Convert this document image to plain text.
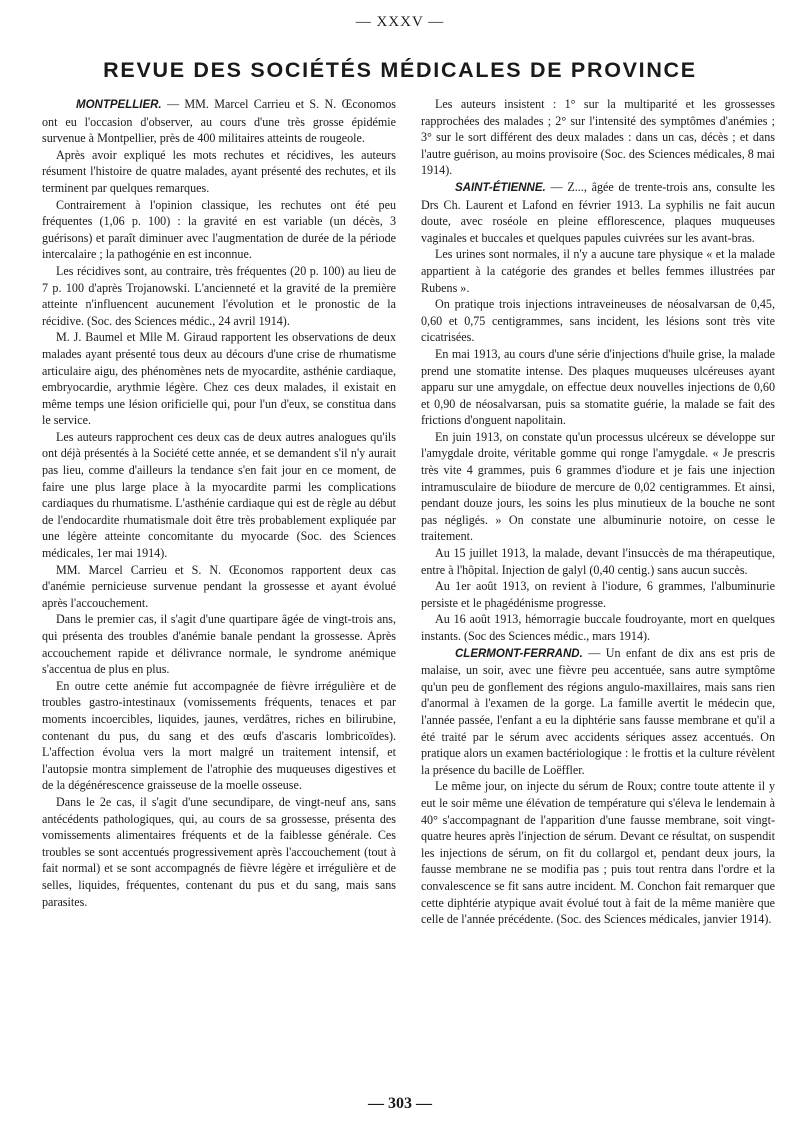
— XXXV —
REVUE DES SOCIÉTÉS MÉDICALES DE PROVINCE

MONTPELLIER. — MM. Marcel Carrieu et S. N. Œconomos ont eu l'occasion d'observer, au cours d'une très grosse épidémie survenue à Montpellier, près de 400 militaires atteints de rougeole.

Après avoir expliqué les mots rechutes et récidives, les auteurs résument l'histoire de quatre malades, ayant présenté des rechutes, et ils terminent par quelques remarques.

Contrairement à l'opinion classique, les rechutes ont été peu fréquentes (1,06 p. 100) : la gravité en est variable (un décès, 3 guérisons) et paraît diminuer avec l'augmentation de durée de la période intercalaire ; la pathogénie en est inconnue.

Les récidives sont, au contraire, très fréquentes (20 p. 100) au lieu de 7 p. 100 d'après Trojanowski. L'ancienneté et la gravité de la première atteinte n'influencent aucunement l'évolution et le pronostic de la récidive. (Soc. des Sciences médic., 24 avril 1914).

M. J. Baumel et Mlle M. Giraud rapportent les observations de deux malades ayant présenté tous deux au décours d'une crise de rhumatisme articulaire aigu, des phénomènes nets de myocardite, asthénie cardiaque, embryocardie, arythmie légère. Chez ces deux malades, il existait en même temps une lésion orificielle qui, pour l'un d'eux, se constitua dans le service.

Les auteurs rapprochent ces deux cas de deux autres analogues qu'ils ont déjà présentés à la Société cette année, et se demandent s'il n'y aurait pas lieu, comme d'ailleurs la tendance s'en fait jour en ce moment, de faire une plus large place à la myocardite parmi les complications cardiaques du rhumatisme. L'asthénie cardiaque qui est de règle au début de l'endocardite rhumatismale doit être très probablement expliquée par une légère atteinte concomitante du myocarde (Soc. des Sciences médicales, 1er mai 1914).

MM. Marcel Carrieu et S. N. Œconomos rapportent deux cas d'anémie pernicieuse survenue pendant la grossesse et ayant évolué après l'accouchement.

Dans le premier cas, il s'agit d'une quartipare âgée de vingt-trois ans, qui présenta des troubles d'anémie banale pendant la grossesse. Après accouchement rapide et délivrance normale, le syndrome anémique s'accentua de plus en plus.

En outre cette anémie fut accompagnée de fièvre irrégulière et de troubles gastro-intestinaux (vomissements fréquents, tenaces et par moments incoercibles, liquides, jaunes, verdâtres, riches en bilirubine, contenant du pus, du sang et des œufs d'ascaris lombricoïdes). L'affection évolua vers la mort malgré un traitement intensif, et l'autopsie montra simplement de l'atrophie des muqueuses digestives et de la dégénérescence graisseuse de la moelle osseuse.

Dans le 2e cas, il s'agit d'une secundipare, de vingt-neuf ans, sans antécédents pathologiques, qui, au cours de sa grossesse, présenta des vomissements alimentaires fréquents et de la faiblesse générale. Ces troubles se sont accentués progressivement après l'accouchement (tout à fait normal) et se sont accompagnés de fièvre légère et irrégulière et de selles, liquides, fréquentes, contenant du pus et du sang, mais sans parasites.

Les auteurs insistent : 1° sur la multiparité et les grossesses rapprochées des malades ; 2° sur l'intensité des symptômes d'anémies ; 3° sur le sort différent des deux malades : dans un cas, décès ; et dans l'autre guérison, au moins provisoire (Soc. des Sciences médicales, 8 mai 1914).

SAINT-ÉTIENNE. — Z..., âgée de trente-trois ans, consulte les Drs Ch. Laurent et Lafond en février 1913. La syphilis ne fait aucun doute, avec roséole en pleine efflorescence, plaques muqueuses vaginales et buccales et quelques papules cuivrées sur les avant-bras.

Les urines sont normales, il n'y a aucune tare physique « et la malade appartient à la catégorie des grandes et belles femmes illustrées par Rubens ».

On pratique trois injections intraveineuses de néosalvarsan de 0,45, 0,60 et 0,75 centigrammes, sans incident, les lésions sont très vite cicatrisées.

En mai 1913, au cours d'une série d'injections d'huile grise, la malade prend une stomatite intense. Des plaques muqueuses ulcéreuses ayant apparu sur une amygdale, on effectue deux nouvelles injections de 0,60 et 0,90 de néosalvarsan, puis sa stomatite guérie, la malade se fait des frictions d'onguent napolitain.

En juin 1913, on constate qu'un processus ulcéreux se développe sur l'amygdale droite, véritable gomme qui ronge l'amygdale. « Je prescris très vite 4 grammes, puis 6 grammes d'iodure et je fais une injection intramusculaire de biiodure de mercure de 0,02 centigrammes. Et ainsi, pendant douze jours, les soins les plus minutieux de la bouche ne sont pas négligés. » On constate une albuminurie notoire, on cesse le traitement.

Au 15 juillet 1913, la malade, devant l'insuccès de ma thérapeutique, entre à l'hôpital. Injection de galyl (0,40 centig.) sans aucun succès.

Au 1er août 1913, on revient à l'iodure, 6 grammes, l'albuminurie persiste et le phagédénisme progresse.

Au 16 août 1913, hémorragie buccale foudroyante, mort en quelques instants. (Soc des Sciences médic., mars 1914).

CLERMONT-FERRAND. — Un enfant de dix ans est pris de malaise, un soir, avec une fièvre peu accentuée, sans autre symptôme qu'un peu de gonflement des régions angulo-maxillaires, mais sans rien d'anormal à l'examen de la gorge. La famille avertit le médecin que, l'année passée, l'enfant a eu la diphtérie sans fausse membrane et qu'il a été traité par le sérum avec accidents sériques assez accentués. On pratique alors un examen bactériologique : le frottis et la culture révèlent la présence du bacille de Loëffler.

Le même jour, on injecte du sérum de Roux; contre toute attente il y eut le soir même une élévation de température qui s'éleva le lendemain à 40° s'accompagnant de l'apparition d'une fausse membrane, soit vingt-quatre heures après l'injection de sérum. Devant ce résultat, on suspendit les injections de sérum, on fit du collargol et, pendant deux jours, la fausse membrane ne se modifia pas ; puis tout rentra dans l'ordre et la convalescence se fit sans autre incident. M. Conchon fait remarquer que cette diphtérie atypique avait évolué tout à fait de la même manière que celle de l'année précédente. (Soc. des Sciences médicales, janvier 1914).

— 303 —
